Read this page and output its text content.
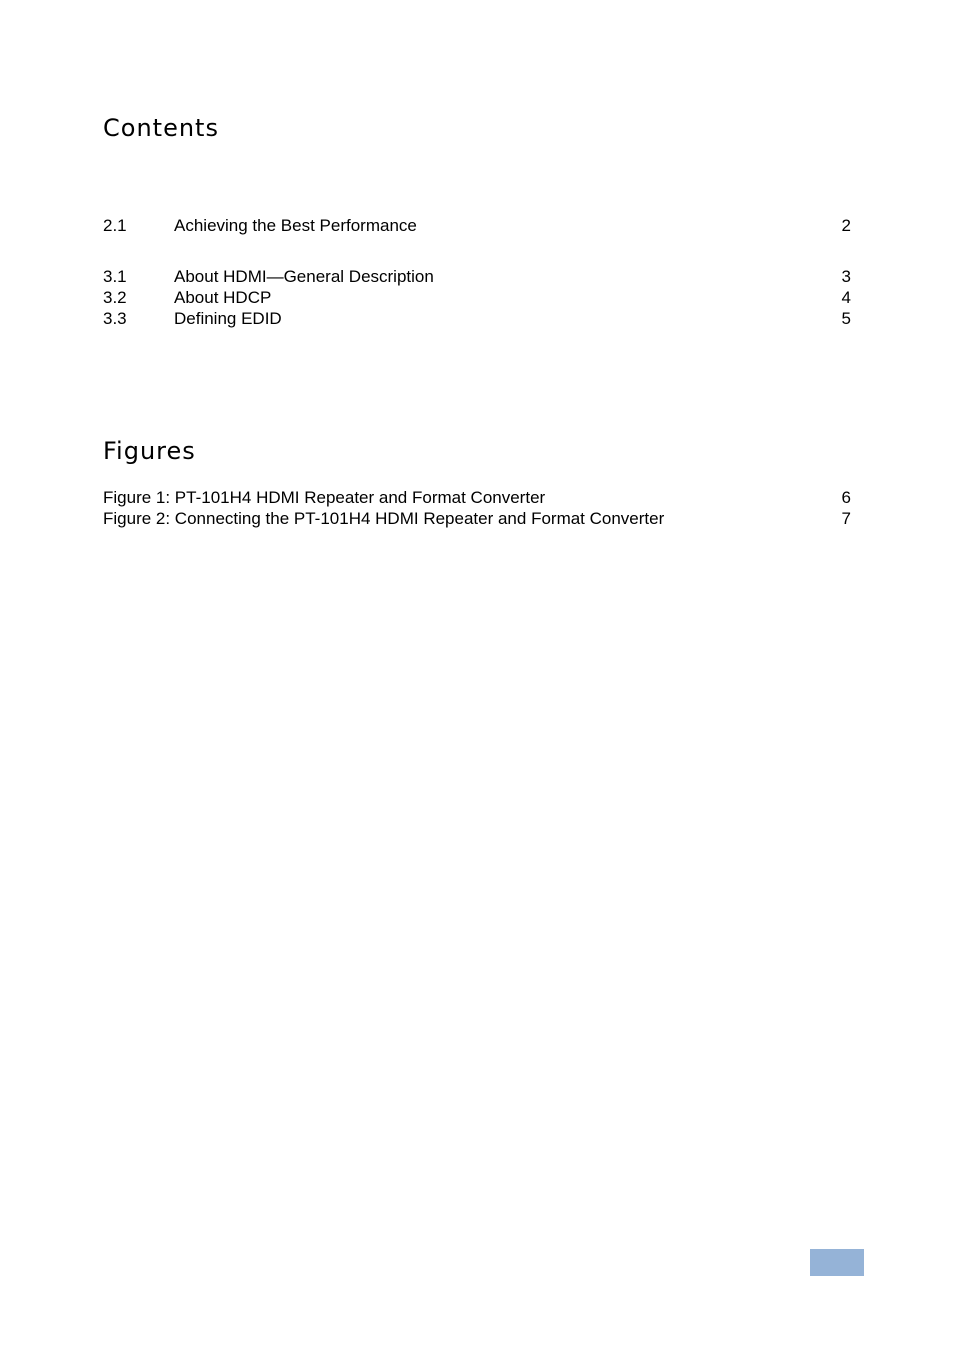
Contents
2.1	Achieving the Best Performance	2
3.1	About HDMI—General Description	3
3.2	About HDCP	4
3.3	Defining EDID	5
Figures
Figure 1: PT-101H4 HDMI Repeater and Format Converter	6
Figure 2: Connecting the PT-101H4 HDMI Repeater and Format Converter	7
